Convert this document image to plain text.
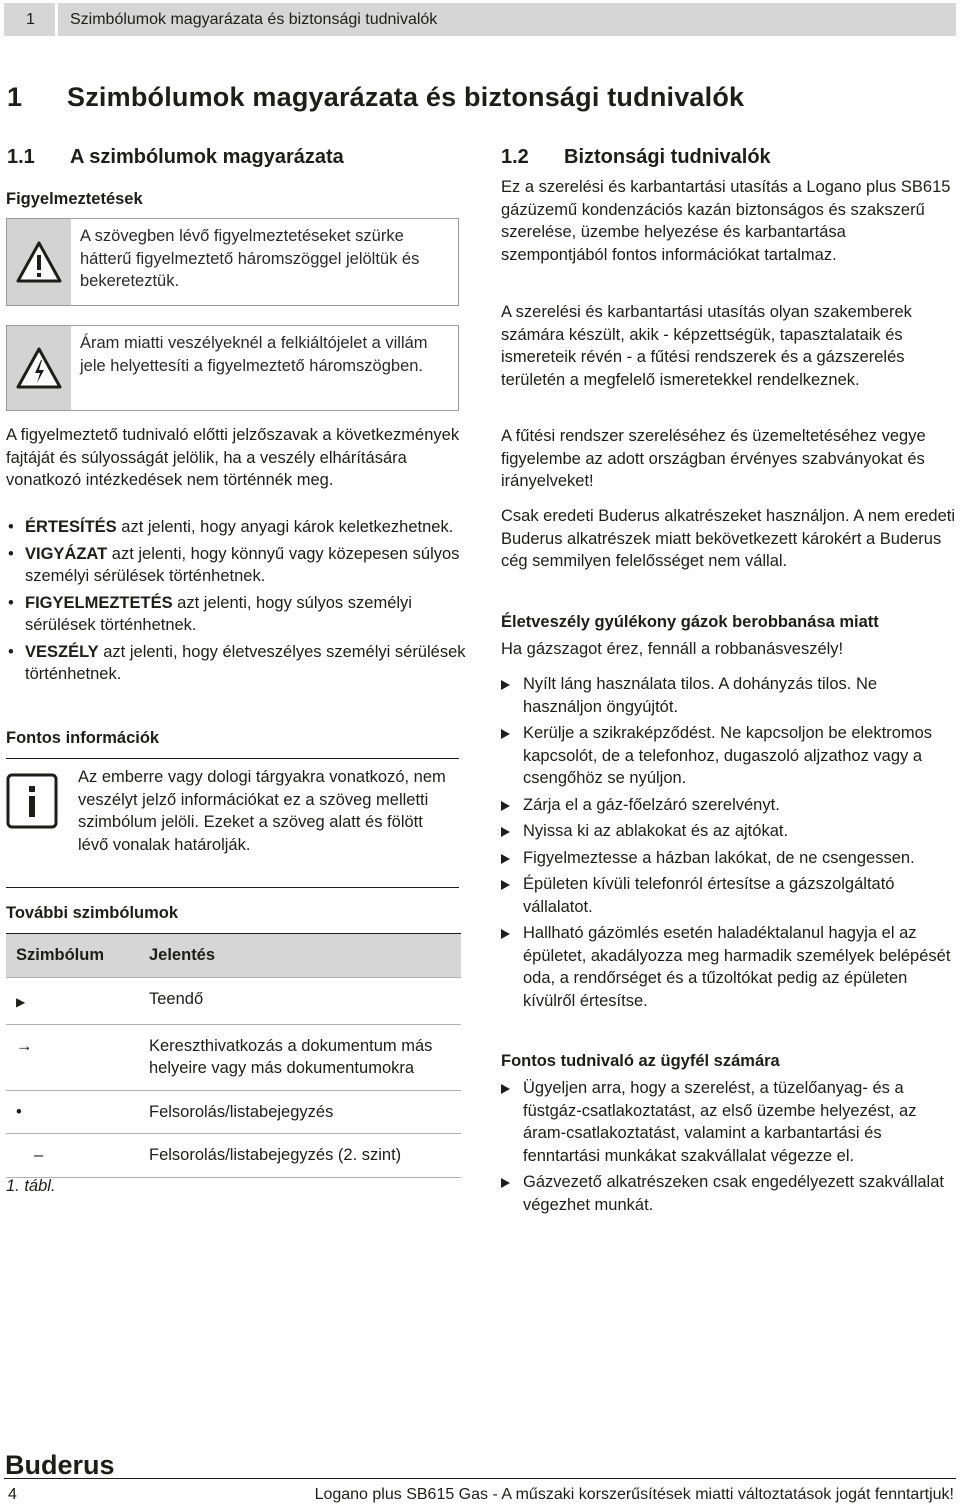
1	Szimbólumok magyarázata és biztonsági tudnivalók
1 Szimbólumok magyarázata és biztonsági tudnivalók
1.1 A szimbólumok magyarázata
Figyelmeztetések
A szövegben lévő figyelmeztetéseket szürke hátterű figyelmeztető háromszöggel jelöltük és bekereteztük.
Áram miatti veszélyeknél a felkiáltójelet a villám jele helyettesíti a figyelmeztető háromszögben.
A figyelmeztető tudnivaló előtti jelzőszavak a következmények fajtáját és súlyosságát jelölik, ha a veszély elhárítására vonatkozó intézkedések nem történnék meg.
• ÉRTESÍTÉS azt jelenti, hogy anyagi károk keletkezhetnek.
• VIGYÁZAT azt jelenti, hogy könnyű vagy közepesen súlyos személyi sérülések történhetnek.
• FIGYELMEZTETÉS azt jelenti, hogy súlyos személyi sérülések történhetnek.
• VESZÉLY azt jelenti, hogy életveszélyes személyi sérülések történhetnek.
Fontos információk
Az emberre vagy dologi tárgyakra vonatkozó, nem veszélyt jelző információkat ez a szöveg melletti szimbólum jelöli. Ezeket a szöveg alatt és fölött lévő vonalak határolják.
További szimbólumok
Szimbólum	Jelentés
▶	Teendő
→	Kereszthivatkozás a dokumentum más helyeire vagy más dokumentumokra
•	Felsorolás/listabejegyzés
–	Felsorolás/listabejegyzés (2. szint)
1. tábl.
1.2 Biztonsági tudnivalók
Ez a szerelési és karbantartási utasítás a Logano plus SB615 gázüzemű kondenzációs kazán biztonságos és szakszerű szerelése, üzembe helyezése és karbantartása szempontjából fontos információkat tartalmaz.
A szerelési és karbantartási utasítás olyan szakemberek számára készült, akik - képzettségük, tapasztalataik és ismereteik révén - a fűtési rendszerek és a gázszerelés területén a megfelelő ismeretekkel rendelkeznek.
A fűtési rendszer szereléséhez és üzemeltetéséhez vegye figyelembe az adott országban érvényes szabványokat és irányelveket!
Csak eredeti Buderus alkatrészeket használjon. A nem eredeti Buderus alkatrészek miatt bekövetkezett károkért a Buderus cég semmilyen felelősséget nem vállal.
Életveszély gyúlékony gázok berobbanása miatt
Ha gázszagot érez, fennáll a robbanásveszély!
Nyílt láng használata tilos. A dohányzás tilos. Ne használjon öngyújtót.
Kerülje a szikraképződést. Ne kapcsoljon be elektromos kapcsolót, de a telefonhoz, dugaszoló aljzathoz vagy a csengőhöz se nyúljon.
Zárja el a gáz-főelzáró szerelvényt.
Nyissa ki az ablakokat és az ajtókat.
Figyelmeztesse a házban lakókat, de ne csengessen.
Épületen kívüli telefonról értesítse a gázszolgáltató vállalatot.
Hallható gázömlés esetén haladéktalanul hagyja el az épületet, akadályozza meg harmadik személyek belépését oda, a rendőrséget és a tűzoltókat pedig az épületen kívülről értesítse.
Fontos tudnivaló az ügyfél számára
Ügyeljen arra, hogy a szerelést, a tüzelőanyag- és a füstgáz-csatlakoztatást, az első üzembe helyezést, az áram-csatlakoztatást, valamint a karbantartási és fenntartási munkákat szakvállalat végezze el.
Gázvezető alkatrészeken csak engedélyezett szakvállalat végezhet munkát.
Buderus
4	Logano plus SB615 Gas - A műszaki korszerűsítések miatti változtatások jogát fenntartjuk!
